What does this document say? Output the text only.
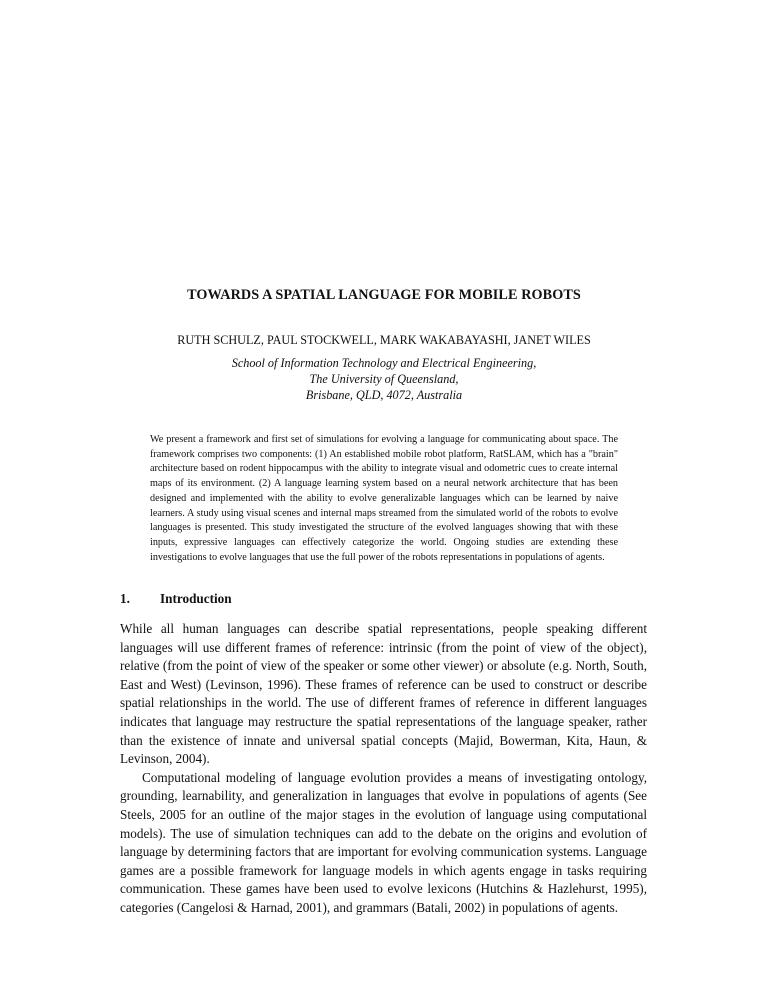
TOWARDS A SPATIAL LANGUAGE FOR MOBILE ROBOTS
RUTH SCHULZ, PAUL STOCKWELL, MARK WAKABAYASHI, JANET WILES
School of Information Technology and Electrical Engineering,
The University of Queensland,
Brisbane, QLD, 4072, Australia

We present a framework and first set of simulations for evolving a language for communicating about space. The framework comprises two components: (1) An established mobile robot platform, RatSLAM, which has a "brain" architecture based on rodent hippocampus with the ability to integrate visual and odometric cues to create internal maps of its environment. (2) A language learning system based on a neural network architecture that has been designed and implemented with the ability to evolve generalizable languages which can be learned by naive learners. A study using visual scenes and internal maps streamed from the simulated world of the robots to evolve languages is presented. This study investigated the structure of the evolved languages showing that with these inputs, expressive languages can effectively categorize the world. Ongoing studies are extending these investigations to evolve languages that use the full power of the robots representations in populations of agents.

1. Introduction

While all human languages can describe spatial representations, people speaking different languages will use different frames of reference: intrinsic (from the point of view of the object), relative (from the point of view of the speaker or some other viewer) or absolute (e.g. North, South, East and West) (Levinson, 1996). These frames of reference can be used to construct or describe spatial relationships in the world. The use of different frames of reference in different languages indicates that language may restructure the spatial representations of the language speaker, rather than the existence of innate and universal spatial concepts (Majid, Bowerman, Kita, Haun, & Levinson, 2004).

Computational modeling of language evolution provides a means of investigating ontology, grounding, learnability, and generalization in languages that evolve in populations of agents (See Steels, 2005 for an outline of the major stages in the evolution of language using computational models). The use of simulation techniques can add to the debate on the origins and evolution of language by determining factors that are important for evolving communication systems. Language games are a possible framework for language models in which agents engage in tasks requiring communication. These games have been used to evolve lexicons (Hutchins & Hazlehurst, 1995), categories (Cangelosi & Harnad, 2001), and grammars (Batali, 2002) in populations of agents.
